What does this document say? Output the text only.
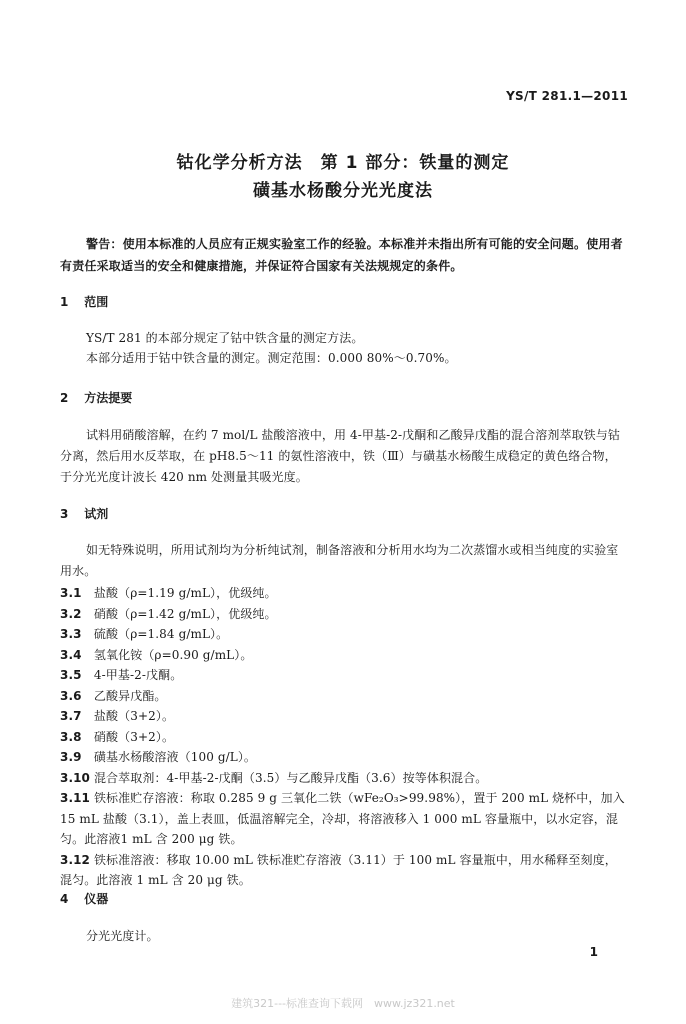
YS/T 281.1—2011
钴化学分析方法　第 1 部分：铁量的测定
磺基水杨酸分光光度法
警告：使用本标准的人员应有正规实验室工作的经验。本标准并未指出所有可能的安全问题。使用者有责任采取适当的安全和健康措施，并保证符合国家有关法规规定的条件。
1 范围
YS/T 281 的本部分规定了钴中铁含量的测定方法。
本部分适用于钴中铁含量的测定。测定范围：0.000 80%～0.70%。
2 方法提要
试料用硝酸溶解，在约 7 mol/L 盐酸溶液中，用 4-甲基-2-戊酮和乙酸异戊酯的混合溶剂萃取铁与钴分离，然后用水反萃取，在 pH8.5～11 的氨性溶液中，铁（Ⅲ）与磺基水杨酸生成稳定的黄色络合物，于分光光度计波长 420 nm 处测量其吸光度。
3 试剂
如无特殊说明，所用试剂均为分析纯试剂，制备溶液和分析用水均为二次蒸馏水或相当纯度的实验室用水。
3.1 盐酸（ρ=1.19 g/mL），优级纯。
3.2 硝酸（ρ=1.42 g/mL），优级纯。
3.3 硫酸（ρ=1.84 g/mL）。
3.4 氢氧化铵（ρ=0.90 g/mL）。
3.5 4-甲基-2-戊酮。
3.6 乙酸异戊酯。
3.7 盐酸（3+2）。
3.8 硝酸（3+2）。
3.9 磺基水杨酸溶液（100 g/L）。
3.10 混合萃取剂：4-甲基-2-戊酮（3.5）与乙酸异戊酯（3.6）按等体积混合。
3.11 铁标准贮存溶液：称取 0.285 9 g 三氧化二铁（wFe₂O₃>99.98%），置于 200 mL 烧杯中，加入 15 mL 盐酸（3.1），盖上表皿，低温溶解完全，冷却，将溶液移入 1 000 mL 容量瓶中，以水定容，混匀。此溶液1 mL 含 200 μg 铁。
3.12 铁标准溶液：移取 10.00 mL 铁标准贮存溶液（3.11）于 100 mL 容量瓶中，用水稀释至刻度，混匀。此溶液 1 mL 含 20 μg 铁。
4 仪器
分光光度计。
1
建筑321---标准查询下载网　www.jz321.net
